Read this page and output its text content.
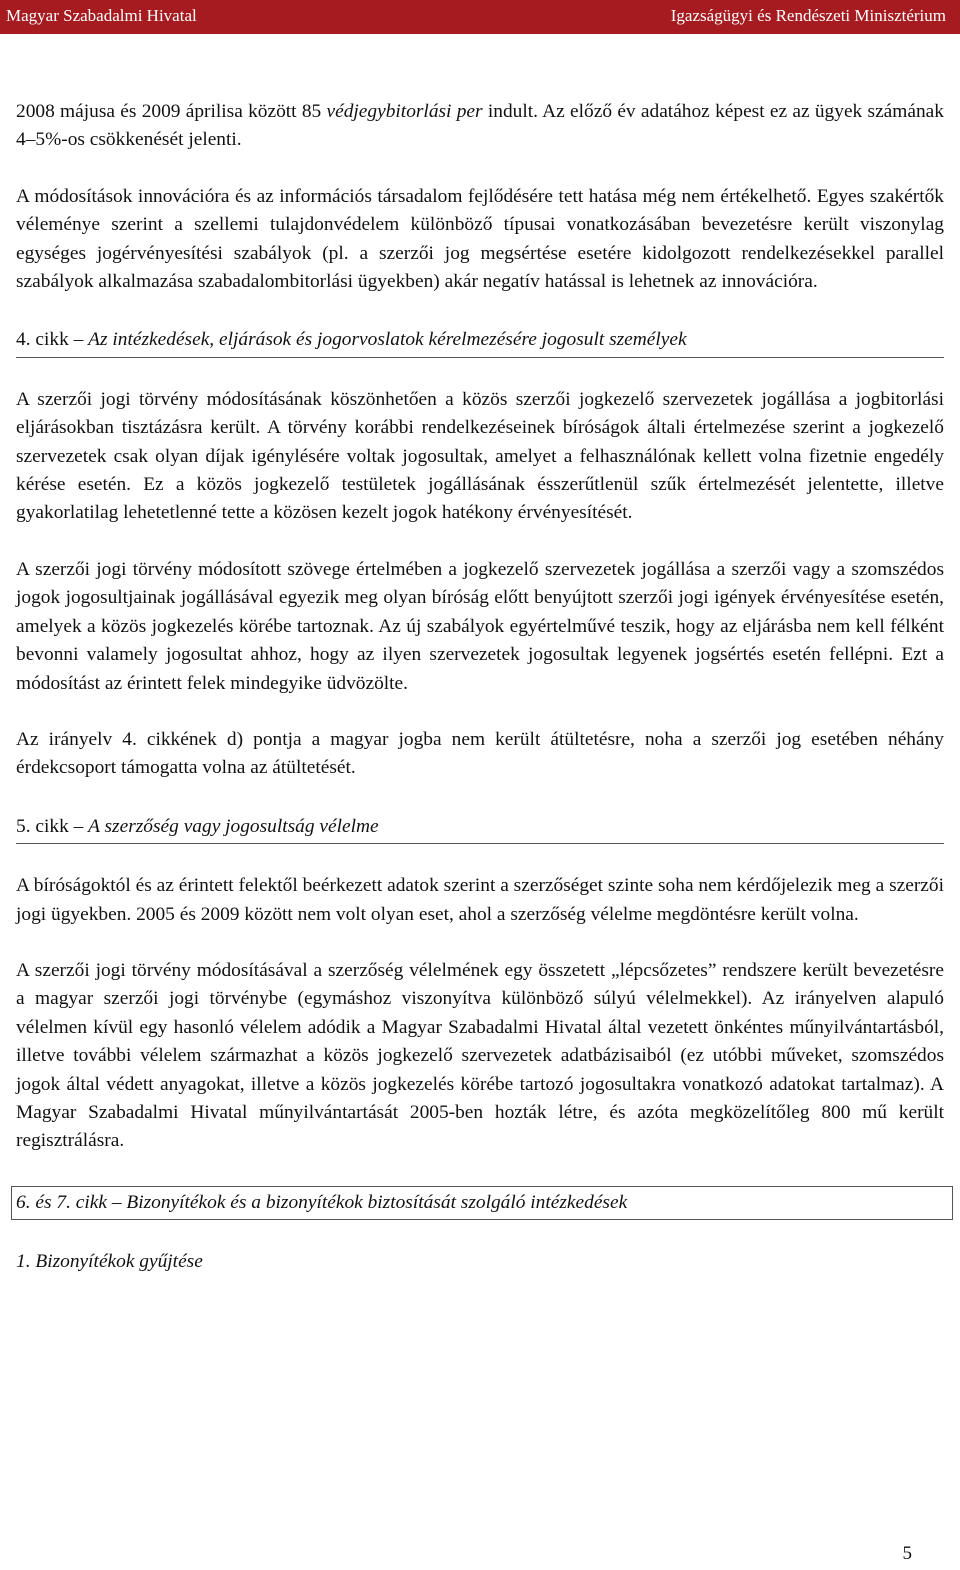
Magyar Szabadalmi Hivatal	Igazságügyi és Rendészeti Minisztérium

2008 májusa és 2009 áprilisa között 85 védjegybitorlási per indult. Az előző év adatához képest ez az ügyek számának 4–5%-os csökkenését jelenti.

A módosítások innovációra és az információs társadalom fejlődésére tett hatása még nem értékelhető. Egyes szakértők véleménye szerint a szellemi tulajdonvédelem különböző típusai vonatkozásában bevezetésre került viszonylag egységes jogérvényesítési szabályok (pl. a szerzői jog megsértése esetére kidolgozott rendelkezésekkel parallel szabályok alkalmazása szabadalombitorlási ügyekben) akár negatív hatással is lehetnek az innovációra.

4. cikk – Az intézkedések, eljárások és jogorvoslatok kérelmezésére jogosult személyek

A szerzői jogi törvény módosításának köszönhetően a közös szerzői jogkezelő szervezetek jogállása a jogbitorlási eljárásokban tisztázásra került. A törvény korábbi rendelkezéseinek bíróságok általi értelmezése szerint a jogkezelő szervezetek csak olyan díjak igénylésére voltak jogosultak, amelyet a felhasználónak kellett volna fizetnie engedély kérése esetén. Ez a közös jogkezelő testületek jogállásának ésszerűtlenül szűk értelmezését jelentette, illetve gyakorlatilag lehetetlenné tette a közösen kezelt jogok hatékony érvényesítését.

A szerzői jogi törvény módosított szövege értelmében a jogkezelő szervezetek jogállása a szerzői vagy a szomszédos jogok jogosultjainak jogállásával egyezik meg olyan bíróság előtt benyújtott szerzői jogi igények érvényesítése esetén, amelyek a közös jogkezelés körébe tartoznak. Az új szabályok egyértelművé teszik, hogy az eljárásba nem kell félként bevonni valamely jogosultat ahhoz, hogy az ilyen szervezetek jogosultak legyenek jogsértés esetén fellépni. Ezt a módosítást az érintett felek mindegyike üdvözölte.

Az irányelv 4. cikkének d) pontja a magyar jogba nem került átültetésre, noha a szerzői jog esetében néhány érdekcsoport támogatta volna az átültetését.

5. cikk – A szerzőség vagy jogosultság vélelme

A bíróságoktól és az érintett felektől beérkezett adatok szerint a szerzőséget szinte soha nem kérdőjelezik meg a szerzői jogi ügyekben. 2005 és 2009 között nem volt olyan eset, ahol a szerzőség vélelme megdöntésre került volna.

A szerzői jogi törvény módosításával a szerzőség vélelmének egy összetett „lépcsőzetes” rendszere került bevezetésre a magyar szerzői jogi törvénybe (egymáshoz viszonyítva különböző súlyú vélelmekkel). Az irányelven alapuló vélelmen kívül egy hasonló vélelem adódik a Magyar Szabadalmi Hivatal által vezetett önkéntes műnyilvántartásból, illetve további vélelem származhat a közös jogkezelő szervezetek adatbázisaiból (ez utóbbi műveket, szomszédos jogok által védett anyagokat, illetve a közös jogkezelés körébe tartozó jogosultakra vonatkozó adatokat tartalmaz). A Magyar Szabadalmi Hivatal műnyilvántartását 2005-ben hozták létre, és azóta megközelítőleg 800 mű került regisztrálásra.

6. és 7. cikk – Bizonyítékok és a bizonyítékok biztosítását szolgáló intézkedések
1. Bizonyítékok gyűjtése
5
